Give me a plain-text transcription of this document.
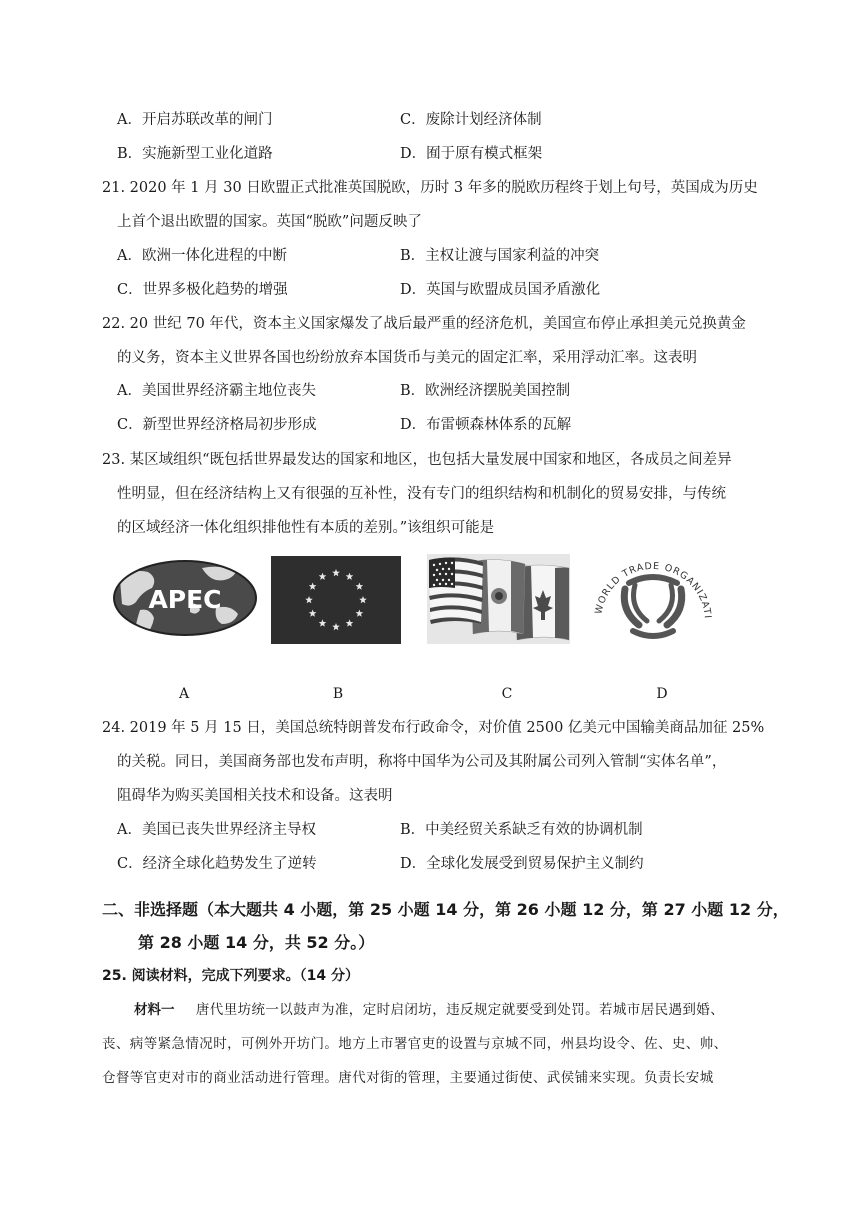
A．开启苏联改革的闸门	C．废除计划经济体制
B．实施新型工业化道路	D．囿于原有模式框架
21. 2020 年 1 月 30 日欧盟正式批准英国脱欧，历时 3 年多的脱欧历程终于划上句号，英国成为历史
上首个退出欧盟的国家。英国“脱欧”问题反映了
A．欧洲一体化进程的中断	B．主权让渡与国家利益的冲突
C．世界多极化趋势的增强	D．英国与欧盟成员国矛盾激化
22. 20 世纪 70 年代，资本主义国家爆发了战后最严重的经济危机，美国宣布停止承担美元兑换黄金
的义务，资本主义世界各国也纷纷放弃本国货币与美元的固定汇率，采用浮动汇率。这表明
A．美国世界经济霸主地位丧失	B．欧洲经济摆脱美国控制
C．新型世界经济格局初步形成	D．布雷顿森林体系的瓦解
23. 某区域组织“既包括世界最发达的国家和地区，也包括大量发展中国家和地区，各成员之间差异
性明显，但在经济结构上又有很强的互补性，没有专门的组织结构和机制化的贸易安排，与传统
的区域经济一体化组织排他性有本质的差别。”该组织可能是
APEC	WORLD TRADE ORGANIZATI
A	B	C	D
24. 2019 年 5 月 15 日，美国总统特朗普发布行政命令，对价值 2500 亿美元中国输美商品加征 25%
的关税。同日，美国商务部也发布声明，称将中国华为公司及其附属公司列入管制“实体名单”，
阻碍华为购买美国相关技术和设备。这表明
A．美国已丧失世界经济主导权	B．中美经贸关系缺乏有效的协调机制
C．经济全球化趋势发生了逆转	D．全球化发展受到贸易保护主义制约
二、非选择题（本大题共 4 小题，第 25 小题 14 分，第 26 小题 12 分，第 27 小题 12 分，
第 28 小题 14 分，共 52 分。）
25. 阅读材料，完成下列要求。（14 分）
材料一 唐代里坊统一以鼓声为准，定时启闭坊，违反规定就要受到处罚。若城市居民遇到婚、
丧、病等紧急情况时，可例外开坊门。地方上市署官吏的设置与京城不同，州县均设令、佐、史、帅、
仓督等官吏对市的商业活动进行管理。唐代对街的管理，主要通过街使、武侯铺来实现。负责长安城
